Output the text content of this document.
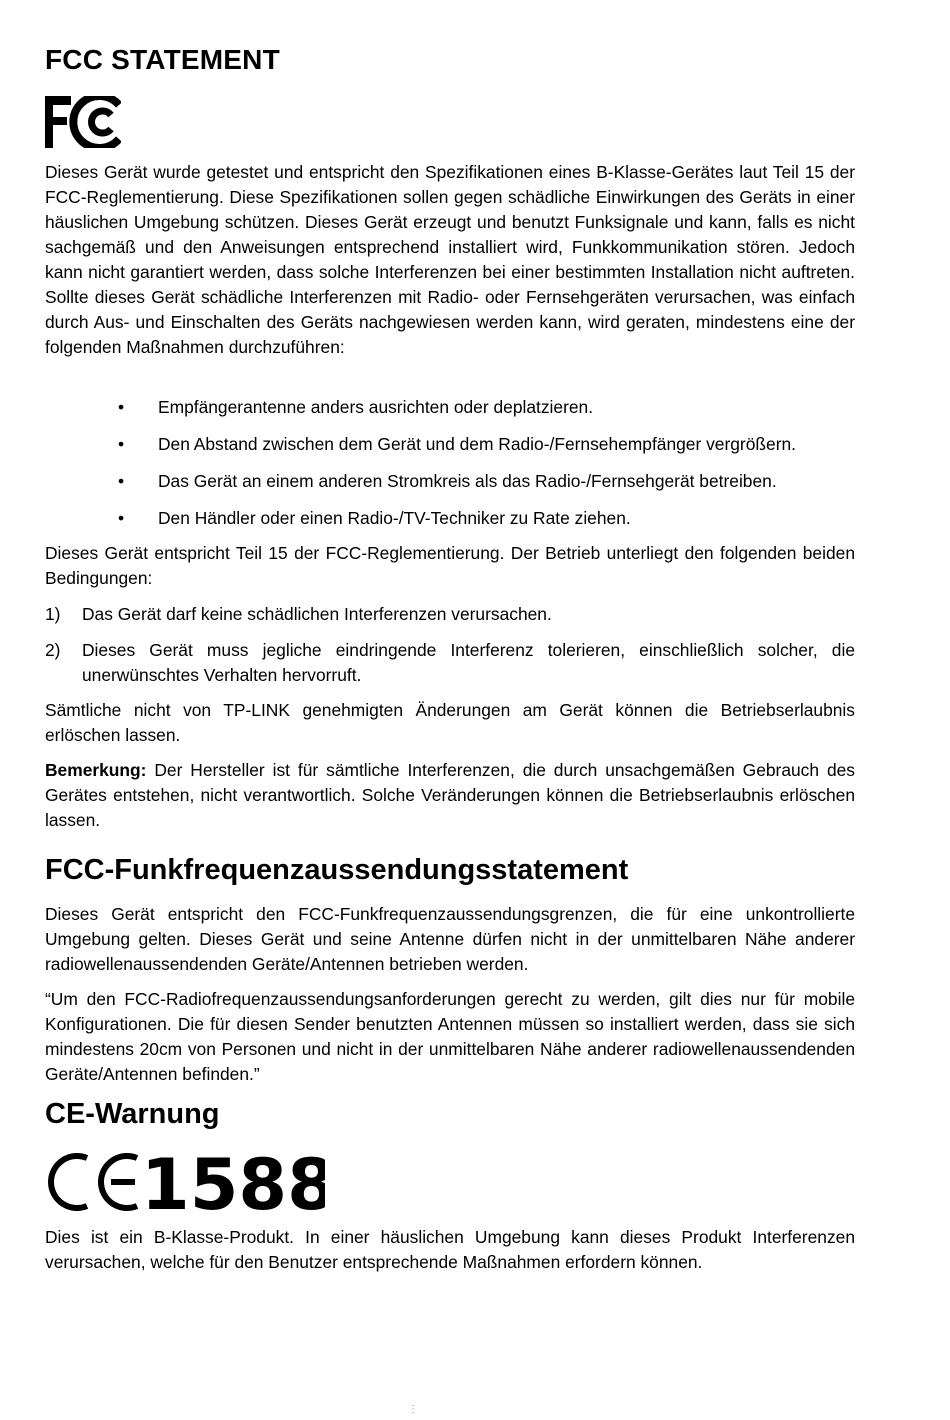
FCC STATEMENT

Dieses Gerät wurde getestet und entspricht den Spezifikationen eines B-Klasse-Gerätes laut Teil 15 der FCC-Reglementierung. Diese Spezifikationen sollen gegen schädliche Einwirkungen des Geräts in einer häuslichen Umgebung schützen. Dieses Gerät erzeugt und benutzt Funksignale und kann, falls es nicht sachgemäß und den Anweisungen entsprechend installiert wird, Funkkommunikation stören. Jedoch kann nicht garantiert werden, dass solche Interferenzen bei einer bestimmten Installation nicht auftreten. Sollte dieses Gerät schädliche Interferenzen mit Radio- oder Fernsehgeräten verursachen, was einfach durch Aus- und Einschalten des Geräts nachgewiesen werden kann, wird geraten, mindestens eine der folgenden Maßnahmen durchzuführen:

• Empfängerantenne anders ausrichten oder deplatzieren.
• Den Abstand zwischen dem Gerät und dem Radio-/Fernsehempfänger vergrößern.
• Das Gerät an einem anderen Stromkreis als das Radio-/Fernsehgerät betreiben.
• Den Händler oder einen Radio-/TV-Techniker zu Rate ziehen.

Dieses Gerät entspricht Teil 15 der FCC-Reglementierung. Der Betrieb unterliegt den folgenden beiden Bedingungen:

1) Das Gerät darf keine schädlichen Interferenzen verursachen.
2) Dieses Gerät muss jegliche eindringende Interferenz tolerieren, einschließlich solcher, die unerwünschtes Verhalten hervorruft.

Sämtliche nicht von TP-LINK genehmigten Änderungen am Gerät können die Betriebserlaubnis erlöschen lassen.

Bemerkung: Der Hersteller ist für sämtliche Interferenzen, die durch unsachgemäßen Gebrauch des Gerätes entstehen, nicht verantwortlich. Solche Veränderungen können die Betriebserlaubnis erlöschen lassen.

FCC-Funkfrequenzaussendungsstatement

Dieses Gerät entspricht den FCC-Funkfrequenzaussendungsgrenzen, die für eine unkontrollierte Umgebung gelten. Dieses Gerät und seine Antenne dürfen nicht in der unmittelbaren Nähe anderer radiowellenaussendenden Geräte/Antennen betrieben werden.

“Um den FCC-Radiofrequenzaussendungsanforderungen gerecht zu werden, gilt dies nur für mobile Konfigurationen. Die für diesen Sender benutzten Antennen müssen so installiert werden, dass sie sich mindestens 20cm von Personen und nicht in der unmittelbaren Nähe anderer radiowellenaussendenden Geräte/Antennen befinden.”

CE-Warnung
1588

Dies ist ein B-Klasse-Produkt. In einer häuslichen Umgebung kann dieses Produkt Interferenzen verursachen, welche für den Benutzer entsprechende Maßnahmen erfordern können.

⋮
